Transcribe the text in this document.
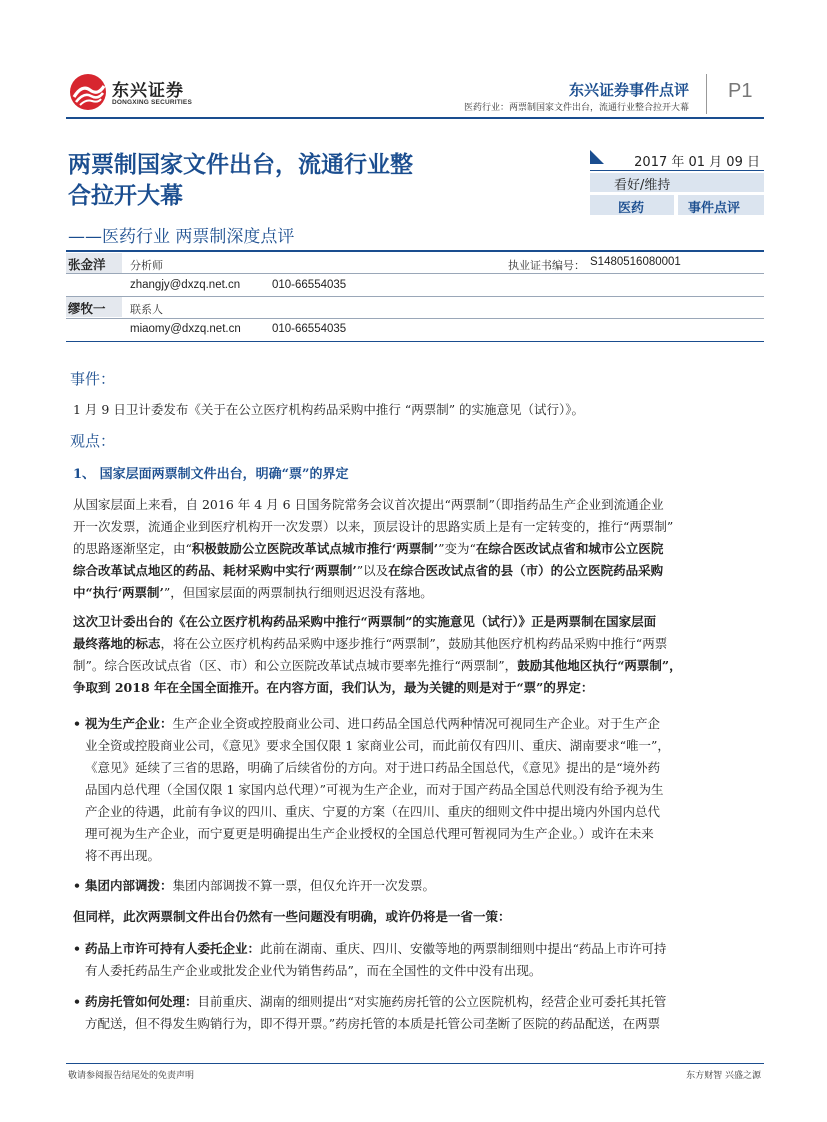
东兴证券
DONGXING SECURITIES
东兴证券事件点评
医药行业：两票制国家文件出台，流通行业整合拉开大幕
P1
两票制国家文件出台，流通行业整
合拉开大幕
——医药行业 两票制深度点评
2017 年 01 月 09 日
看好/维持
医药	事件点评
张金洋 分析师	执业证书编号： S1480516080001
zhangjy@dxzq.net.cn	010-66554035
缪牧一 联系人
miaomy@dxzq.net.cn	010-66554035
事件：
1 月 9 日卫计委发布《关于在公立医疗机构药品采购中推行 “两票制” 的实施意见（试行）》。
观点：
1、 国家层面两票制文件出台，明确“票”的界定
从国家层面上来看，自 2016 年 4 月 6 日国务院常务会议首次提出“两票制”（即指药品生产企业到流通企业
开一次发票，流通企业到医疗机构开一次发票）以来，顶层设计的思路实质上是有一定转变的，推行“两票制”
的思路逐渐坚定，由“积极鼓励公立医院改革试点城市推行‘两票制’”变为“在综合医改试点省和城市公立医院
综合改革试点地区的药品、耗材采购中实行‘两票制’”以及在综合医改试点省的县（市）的公立医院药品采购
中“执行‘两票制’”，但国家层面的两票制执行细则迟迟没有落地。
这次卫计委出台的《在公立医疗机构药品采购中推行“两票制”的实施意见（试行）》正是两票制在国家层面
最终落地的标志，将在公立医疗机构药品采购中逐步推行“两票制”，鼓励其他医疗机构药品采购中推行“两票
制”。综合医改试点省（区、市）和公立医院改革试点城市要率先推行“两票制”，鼓励其他地区执行“两票制”，
争取到 2018 年在全国全面推开。在内容方面，我们认为，最为关键的则是对于“票”的界定：
• 视为生产企业：生产企业全资或控股商业公司、进口药品全国总代两种情况可视同生产企业。对于生产企
业全资或控股商业公司，《意见》要求全国仅限 1 家商业公司，而此前仅有四川、重庆、湖南要求“唯一”，
《意见》延续了三省的思路，明确了后续省份的方向。对于进口药品全国总代，《意见》提出的是“境外药
品国内总代理（全国仅限 1 家国内总代理）”可视为生产企业，而对于国产药品全国总代则没有给予视为生
产企业的待遇，此前有争议的四川、重庆、宁夏的方案（在四川、重庆的细则文件中提出境内外国内总代
理可视为生产企业，而宁夏更是明确提出生产企业授权的全国总代理可暂视同为生产企业。）或许在未来
将不再出现。
• 集团内部调拨：集团内部调拨不算一票，但仅允许开一次发票。
但同样，此次两票制文件出台仍然有一些问题没有明确，或许仍将是一省一策：
• 药品上市许可持有人委托企业：此前在湖南、重庆、四川、安徽等地的两票制细则中提出“药品上市许可持
有人委托药品生产企业或批发企业代为销售药品”，而在全国性的文件中没有出现。
• 药房托管如何处理：目前重庆、湖南的细则提出“对实施药房托管的公立医院机构，经营企业可委托其托管
方配送，但不得发生购销行为，即不得开票。”药房托管的本质是托管公司垄断了医院的药品配送，在两票
敬请参阅报告结尾处的免责声明	东方财智 兴盛之源
